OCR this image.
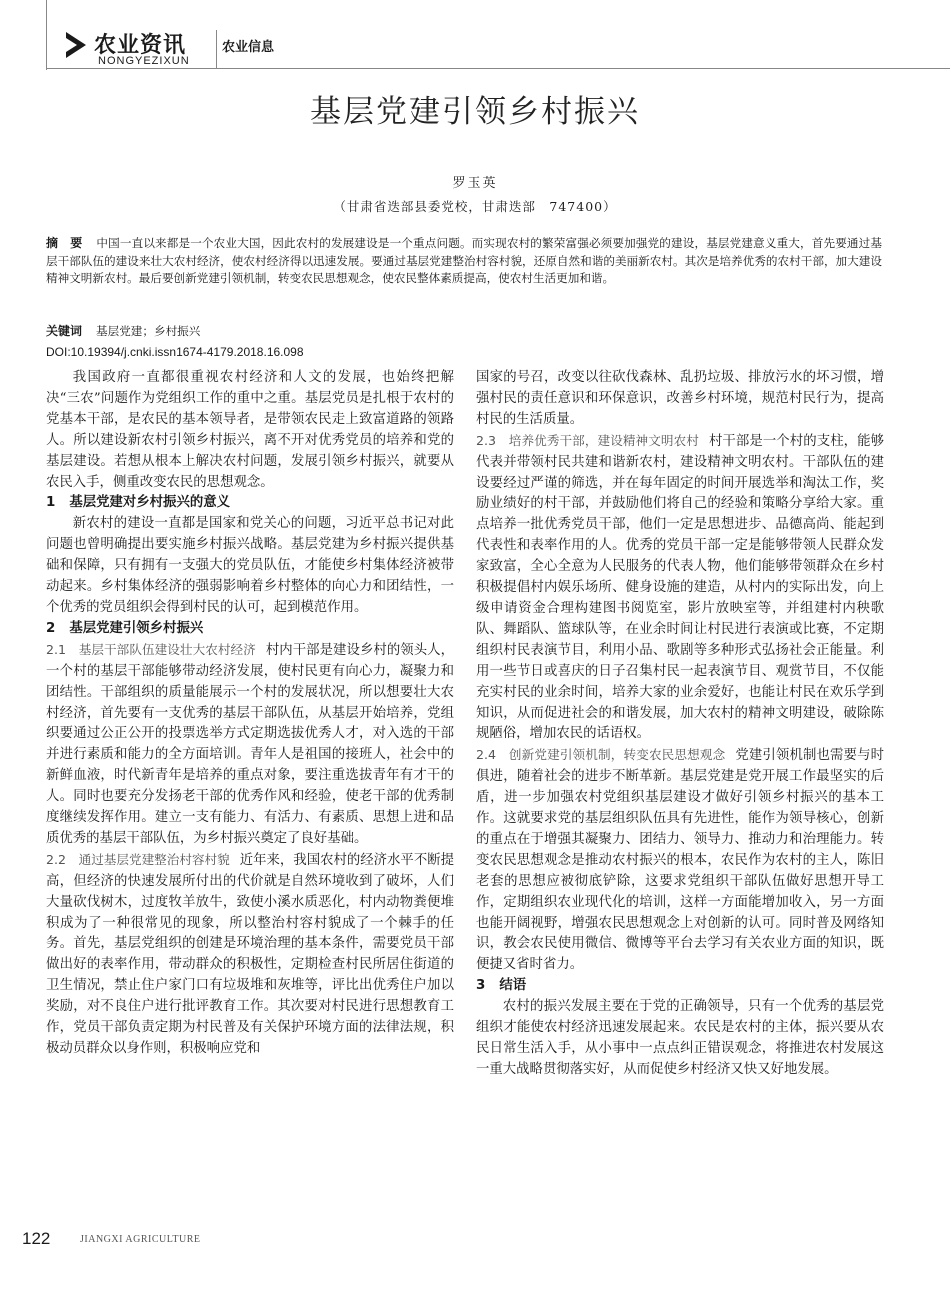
农业资讯
NONGYEZIXUN
农业信息
基层党建引领乡村振兴
罗玉英
（甘肃省迭部县委党校，甘肃迭部　747400）
摘　要 中国一直以来都是一个农业大国，因此农村的发展建设是一个重点问题。而实现农村的繁荣富强必须要加强党的建设，基层党建意义重大，首先要通过基层干部队伍的建设来壮大农村经济，使农村经济得以迅速发展。要通过基层党建整治村容村貌，还原自然和谐的美丽新农村。其次是培养优秀的农村干部，加大建设精神文明新农村。最后要创新党建引领机制，转变农民思想观念，使农民整体素质提高，使农村生活更加和谐。
关键词 基层党建；乡村振兴
DOI:10.19394/j.cnki.issn1674-4179.2018.16.098

我国政府一直都很重视农村经济和人文的发展，也始终把解决“三农”问题作为党组织工作的重中之重。基层党员是扎根于农村的党基本干部，是农民的基本领导者，是带领农民走上致富道路的领路人。所以建设新农村引领乡村振兴，离不开对优秀党员的培养和党的基层建设。若想从根本上解决农村问题，发展引领乡村振兴，就要从农民入手，侧重改变农民的思想观念。

1 基层党建对乡村振兴的意义

新农村的建设一直都是国家和党关心的问题，习近平总书记对此问题也曾明确提出要实施乡村振兴战略。基层党建为乡村振兴提供基础和保障，只有拥有一支强大的党员队伍，才能使乡村集体经济被带动起来。乡村集体经济的强弱影响着乡村整体的向心力和团结性，一个优秀的党员组织会得到村民的认可，起到模范作用。

2 基层党建引领乡村振兴

2.1　基层干部队伍建设壮大农村经济 村内干部是建设乡村的领头人，一个村的基层干部能够带动经济发展，使村民更有向心力，凝聚力和团结性。干部组织的质量能展示一个村的发展状况，所以想要壮大农村经济，首先要有一支优秀的基层干部队伍，从基层开始培养，党组织要通过公正公开的投票选举方式定期选拔优秀人才，对入选的干部并进行素质和能力的全方面培训。青年人是祖国的接班人，社会中的新鲜血液，时代新青年是培养的重点对象，要注重选拔青年有才干的人。同时也要充分发扬老干部的优秀作风和经验，使老干部的优秀制度继续发挥作用。建立一支有能力、有活力、有素质、思想上进和品质优秀的基层干部队伍，为乡村振兴奠定了良好基础。

2.2　通过基层党建整治村容村貌 近年来，我国农村的经济水平不断提高，但经济的快速发展所付出的代价就是自然环境收到了破坏，人们大量砍伐树木，过度牧羊放牛，致使小溪水质恶化，村内动物粪便堆积成为了一种很常见的现象，所以整治村容村貌成了一个棘手的任务。首先，基层党组织的创建是环境治理的基本条件，需要党员干部做出好的表率作用，带动群众的积极性，定期检查村民所居住街道的卫生情况，禁止住户家门口有垃圾堆和灰堆等，评比出优秀住户加以奖励，对不良住户进行批评教育工作。其次要对村民进行思想教育工作，党员干部负责定期为村民普及有关保护环境方面的法律法规，积极动员群众以身作则，积极响应党和

国家的号召，改变以往砍伐森林、乱扔垃圾、排放污水的坏习惯，增强村民的责任意识和环保意识，改善乡村环境，规范村民行为，提高村民的生活质量。

2.3　培养优秀干部，建设精神文明农村 村干部是一个村的支柱，能够代表并带领村民共建和谐新农村，建设精神文明农村。干部队伍的建设要经过严谨的筛选，并在每年固定的时间开展选举和淘汰工作，奖励业绩好的村干部，并鼓励他们将自己的经验和策略分享给大家。重点培养一批优秀党员干部，他们一定是思想进步、品德高尚、能起到代表性和表率作用的人。优秀的党员干部一定是能够带领人民群众发家致富，全心全意为人民服务的代表人物，他们能够带领群众在乡村积极提倡村内娱乐场所、健身设施的建造，从村内的实际出发，向上级申请资金合理构建图书阅览室，影片放映室等，并组建村内秧歌队、舞蹈队、篮球队等，在业余时间让村民进行表演或比赛，不定期组织村民表演节目，利用小品、歌剧等多种形式弘扬社会正能量。利用一些节日或喜庆的日子召集村民一起表演节目、观赏节目，不仅能充实村民的业余时间，培养大家的业余爱好，也能让村民在欢乐学到知识，从而促进社会的和谐发展，加大农村的精神文明建设，破除陈规陋俗，增加农民的话语权。

2.4　创新党建引领机制，转变农民思想观念 党建引领机制也需要与时俱进，随着社会的进步不断革新。基层党建是党开展工作最坚实的后盾，进一步加强农村党组织基层建设才做好引领乡村振兴的基本工作。这就要求党的基层组织队伍具有先进性，能作为领导核心，创新的重点在于增强其凝聚力、团结力、领导力、推动力和治理能力。转变农民思想观念是推动农村振兴的根本，农民作为农村的主人，陈旧老套的思想应被彻底铲除，这要求党组织干部队伍做好思想开导工作，定期组织农业现代化的培训，这样一方面能增加收入，另一方面也能开阔视野，增强农民思想观念上对创新的认可。同时普及网络知识，教会农民使用微信、微博等平台去学习有关农业方面的知识，既便捷又省时省力。

3 结语

农村的振兴发展主要在于党的正确领导，只有一个优秀的基层党组织才能使农村经济迅速发展起来。农民是农村的主体，振兴要从农民日常生活入手，从小事中一点点纠正错误观念，将推进农村发展这一重大战略贯彻落实好，从而促使乡村经济又快又好地发展。

122	JIANGXI AGRICULTURE
